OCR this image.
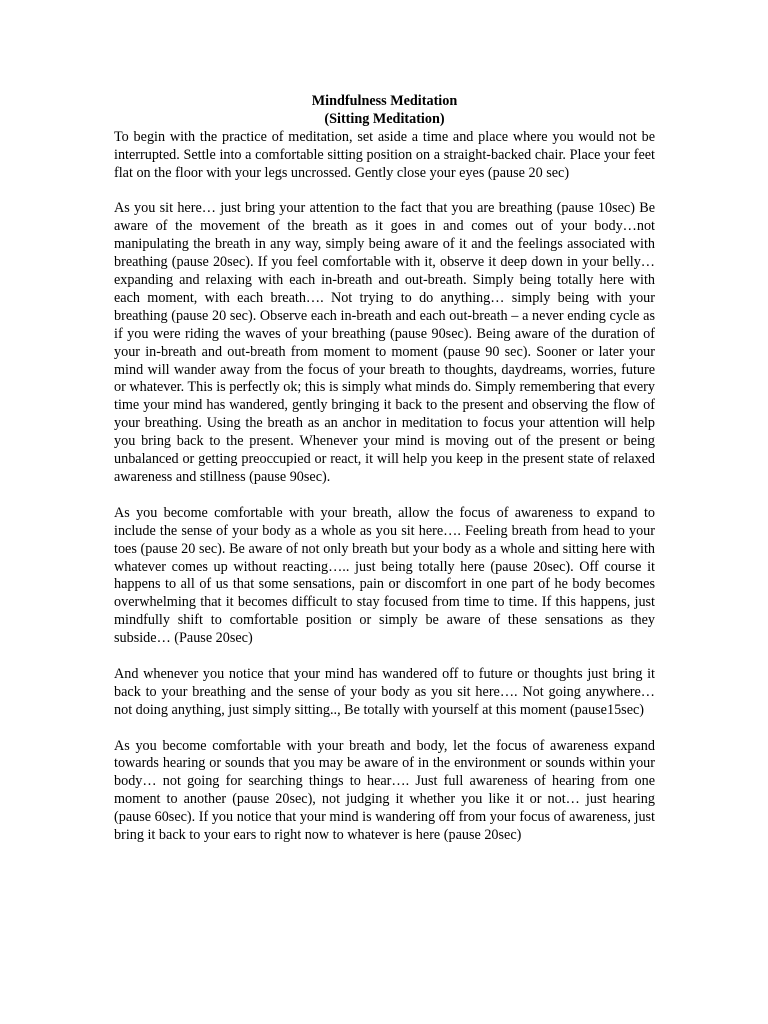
Mindfulness Meditation

(Sitting Meditation)

To begin with the practice of meditation, set aside a time and place where you would not be interrupted. Settle into a comfortable sitting position on a straight-backed chair. Place your feet flat on the floor with your legs uncrossed. Gently close your eyes (pause 20 sec)

As you sit here… just bring your attention to the fact that you are breathing (pause 10sec) Be aware of the movement of the breath as it goes in and comes out of your body…not manipulating the breath in any way, simply being aware of it and the feelings associated with breathing (pause 20sec). If you feel comfortable with it, observe it deep down in your belly… expanding and relaxing with each in-breath and out-breath. Simply being totally here with each moment, with each breath…. Not trying to do anything… simply being with your breathing (pause 20 sec). Observe each in-breath and each out-breath – a never ending cycle as if you were riding the waves of your breathing (pause 90sec). Being aware of the duration of your in-breath and out-breath from moment to moment (pause 90 sec). Sooner or later your mind will wander away from the focus of your breath to thoughts, daydreams, worries, future or whatever. This is perfectly ok; this is simply what minds do. Simply remembering that every time your mind has wandered, gently bringing it back to the present and observing the flow of your breathing. Using the breath as an anchor in meditation to focus your attention will help you bring back to the present. Whenever your mind is moving out of the present or being unbalanced or getting preoccupied or react, it will help you keep in the present state of relaxed awareness and stillness (pause 90sec).

As you become comfortable with your breath, allow the focus of awareness to expand to include the sense of your body as a whole as you sit here…. Feeling breath from head to your toes (pause 20 sec). Be aware of not only breath but your body as a whole and sitting here with whatever comes up without reacting….. just being totally here (pause 20sec). Off course it happens to all of us that some sensations, pain or discomfort in one part of he body becomes overwhelming that it becomes difficult to stay focused from time to time. If this happens, just mindfully shift to comfortable position or simply be aware of these sensations as they subside… (Pause 20sec)

And whenever you notice that your mind has wandered off to future or thoughts just bring it back to your breathing and the sense of your body as you sit here…. Not going anywhere… not doing anything, just simply sitting.., Be totally with yourself at this moment (pause15sec)

As you become comfortable with your breath and body, let the focus of awareness expand towards hearing or sounds that you may be aware of in the environment or sounds within your body… not going for searching things to hear…. Just full awareness of hearing from one moment to another (pause 20sec), not judging it whether you like it or not… just hearing (pause 60sec). If you notice that your mind is wandering off from your focus of awareness, just bring it back to your ears to right now to whatever is here (pause 20sec)
